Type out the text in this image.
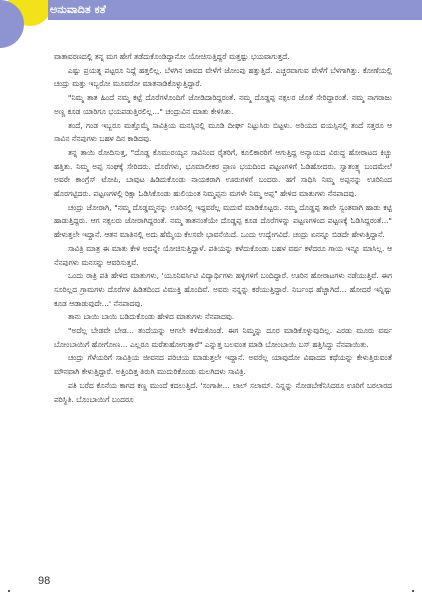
ಅನುವಾದಿತ ಕತೆ

ವಾತಾವರಣದಲ್ಲಿ ತನ್ನ ಮಗ ಹೇಗೆ ತಡೆದುಕೊಂಡಿದ್ದಾನೋ ಯೋಚಿಸುತ್ತಿದ್ದರೆ ಮತ್ತಷ್ಟು ಭಯವಾಗುತ್ತದೆ.

ಎಷ್ಟು ಪ್ರಯತ್ನ ಪಟ್ಟರೂ ನಿದ್ದೆ ಹತ್ತಲಿಲ್ಲ. ಬೆಳಗಿನ ಜಾವದ ವೇಳೆಗೆ ಜೋಂಪು ಹತ್ತುತ್ತಿದೆ. ಎಚ್ಚರವಾಗುವ ವೇಳೆಗೆ ಬೆಳಗಾಗಿತ್ತು. ಕೋಣೆಯಲ್ಲಿ ಚಂದ್ರು ಮತ್ತು ಇಬ್ಬರೋ ಮೂವರೋ ಮಾತನಾಡಿಕೊಳ್ಳುತ್ತಿದ್ದಾರೆ.

"ನಿಮ್ಮ ತಾತ ಹಿಂದೆ ನಮ್ಮ ಕಟ್ಟೆ ದೊರೆಗಳೊಂದಿಗೆ ಜೋಡಿದಾರಿದ್ದರಂತೆ. ನಮ್ಮ ದೊಡ್ಡಪ್ಪ ನಕ್ಸಲರ ಜೊತೆ ಸೇರಿದ್ದಾರಂತೆ. ನಮ್ಮ ನಾಗರಾಜು ಅಣ್ಣ ಕೂಡ ಯಾರಿಗೂ ಭಯಪಡುತ್ತಿರಲಿಲ್ಲ..." ಚಂದ್ರುವಿನ ಮಾತು ಕೇಳಿಸಿತು.

ತಂದೆ, ಗಂಡ ಇಬ್ಬರೂ ಮತ್ತೊಮ್ಮೆ ಸಾವಿತ್ರಿಯ ಮನಸ್ಸಿನಲ್ಲಿ ಮೂಡಿ ದೀರ್ಘ ನಿಟ್ಟುಸಿರು ಬಿಟ್ಟಳು. ಅರಿಯದ ವಯಸ್ಸಿನಲ್ಲಿ ತಂದೆ ಸತ್ತರೂ ಆ ಸಾವಿನ ನೆನಪುಗಳು ಬಹಳ ದಿನ ಕಾಡಿದವು.

ತನ್ನ ತಾಯಿ ರೋದಿಸುತ್ತ, "ದೊಡ್ಡ ಕೊಮುರಯ್ಯನ ಸಾವಿನಿಂದ ರೈತರಿಗೆ, ಕೂಲಿಕಾರರಿಗೆ ಆಗುತ್ತಿದ್ದ ಅನ್ಯಾಯದ ವಿರುದ್ಧ ಹೋರಾಟದ ಕಿಚ್ಚು ಹತ್ತಿತು. ನಿಮ್ಮ ಅಪ್ಪ ಸಂಘಕ್ಕೆ ಸೇರಿದರು. ದೊರೆಗಳು, ಭೂಮಾಲೀಕರ ಪ್ರಾಣ ಭಯದಿಂದ ಪಟ್ಟಣಗಳಿಗೆ ಓಡಿಹೋದರು. ಸ್ವಾತಂತ್ರ್ಯ ಬಂದಮೇಲೆ ಅವರೇ ಕಾಂಗ್ರೆಸ್ ಟೋಪಿ, ಬಾವುಟ ಹಿಡಿದುಕೊಂಡು ನಾಯಕರಾಗಿ ಊರುಗಳಿಗೆ ಬಂದರು. ಹಗೆ ಸಾಧಿಸಿ ನಿಮ್ಮ ಅಪ್ಪನನ್ನು ಊರಿನಿಂದ ಹೊರಗಟ್ಟಿದರು. ಪಟ್ಟಣಗಳಲ್ಲಿ ರಿಕ್ಷಾ ಓಡಿಸಿಕೊಂಡು ಹುಲಿಯಂತ ನಿಮ್ಮಪ್ಪನು ಮಗಳೇ ನಿಮ್ಮ ಅಪ್ಪ" ಹೇಳಿದ ಮಾತುಗಳು ನೆನಪಾದವು.

ಚಂದ್ರು ಜೋರಾಗಿ, "ನಮ್ಮ ದೊಡ್ಡಮ್ಮನನ್ನು ಊರಿನಲ್ಲಿ ಇದ್ದವರೆಲ್ಲ ಮದುವೆ ಮಾಡಿಕೊಟ್ಟರು. ನಮ್ಮ ದೊಡ್ಡಪ್ಪ ತಾವೇ ಸ್ವಂತವಾಗಿ ಹಾಡು ಕಟ್ಟಿ ಹಾಡುತ್ತಿದ್ದರು. ಆಗ ನಕ್ಸಲರು ಜೋರಾಗಿದ್ದರಂತೆ. ನಮ್ಮ ತಾತನಂತೆಯೇ ದೊಡ್ಡಪ್ಪ ಕೂಡ ದೊರೆಗಳನ್ನು ಪಟ್ಟಣಗಳಿಂದ ಪಟ್ಟಣಕ್ಕೆ ಓಡಿಸಿದ್ದರಂತೆ..." ಹೇಳುತ್ತಲೇ ಇದ್ದಾನೆ. ಆತನ ಮಾತಿನಲ್ಲಿ ಅದು ಹೆಮ್ಮೆಯ ಕೆಲಸವೇ ಭಾವನೆಯಿದೆ. ಒಂದು ಉದ್ವೇಗವಿದೆ. ಚಂದ್ರು ಏನನ್ನೂ ಬಿಡದೇ ಹೇಳುತ್ತಿದ್ದಾನೆ.

ಸಾವಿತ್ರಿ ಮಾತ್ರ ಈ ಮಾತು ಕೇಳಿ ಅದನ್ನೇ ಯೋಚಿಸುತ್ತಿದ್ದಾಳೆ. ಪತಿಯನ್ನು ಕಳೆದುಕೊಂಡು ಬಹಳ ವರ್ಷ ಕಳೆದರೂ ಗಾಯ ಇನ್ನೂ ಮಾಸಿಲ್ಲ. ಆ ನೆನಪುಗಳು ಮನಸನ್ನು ಆವರಿಸುತ್ತವೆ.

ಒಂದು ರಾತ್ರಿ ಪತಿ ಹೇಳಿದ ಮಾತುಗಳು, 'ಯೂನಿವರ್ಸಿಟಿ ವಿದ್ಯಾರ್ಥಿಗಳು ಹಳ್ಳಿಗಳಿಗೆ ಬಂದಿದ್ದಾರೆ. ಊರಿನ ಹೋರಾಟಗಳು ನಡೆಯುತ್ತಿವೆ. ಈಗ ಸೂರಿಲ್ಲದ ಗ್ರಾಮಗಳು ದೊರೆಗಳ ಹಿಡಿತದಿಂದ ವಿಮುಕ್ತಿ ಹೊಂದಿವೆ. ಅವರು ನನ್ನನ್ನು ಕರೆಯುತ್ತಿದ್ದಾರೆ. ನಿರ್ಬಂಧ ಹೆಚ್ಚಾಗಿದೆ... ಹೋದರೆ ಇನ್ನಿಷ್ಟು ಕೂಡ ಆಡಾಡುವುದೇ...' ನೆನಪಾದವು.

ತಾನು ಬಾಯಿ ಬಾಯಿ ಬಡಿದುಕೊಂಡು ಹೇಳಿದ ಮಾತುಗಳು ನೆನಪಾದವು.

"ಅದೆಲ್ಲ ಬೇಡವೇ ಬೇಡ... ತಂದೆಯನ್ನು ಆಗಲೇ ಕಳೆದುಕೊಂಡೆ. ಈಗ ನಿಮ್ಮನ್ನು ದೂರ ಮಾಡಿಕೊಳ್ಳುವುದಿಲ್ಲ. ಎರಡು ಮೂರು ವರ್ಷ ಬೋಂಬಾಯಿಗೆ ಹೋಗೋಣ... ಎಲ್ಲರೂ ಮರೆತುಹೋಗುತ್ತಾರೆ" ಎನ್ನುತ್ತ ಬಲವಂತ ಮಾಡಿ ಬೋಂಬಾಯಿ ಬಸ್ ಹತ್ತಿಸಿದ್ದು ನೆನಪಾಯಿತು.

ಚಂದ್ರು ಗೆಳೆಯರಿಗೆ ಸಾವಿತ್ರಿಯ ಜೀವನದ ಪರಿಚಯ ಮಾಡುತ್ತಲೇ ಇದ್ದಾನೆ. ಅವರೆಲ್ಲ ಯಾವುದೋ ವಿಷಾದದ ಕಥೆಯನ್ನು ಕೇಳುತ್ತಿರುವಂತೆ ಮೌನವಾಗಿ ಕೇಳುತ್ತಿದ್ದಾರೆ. ಅತ್ತಿಂದಿತ್ತ ತಿರುಗಿ ಮುದುರಿಕೊಂಡು ಮಲಗಿದಳು ಸಾವಿತ್ರಿ.

ಪತಿ ಬರೆದ ಕೊನೆಯ ಕಾಗದ ಕಣ್ಣ ಮುಂದೆ ಕದಲುತ್ತಿದೆ. 'ಸಂಗಾತೀ... ಲಾಲ್ ಸಲಾಮ್. ನಿನ್ನನ್ನು ನೋಡಬೇಕೆನಿಸಿದರೂ ಊರಿಗೆ ಬರಲಾರದ ಪರಿಸ್ಥಿತಿ. ಬೊಂಬಾಯಿಗೆ ಬಂದರೂ

98
